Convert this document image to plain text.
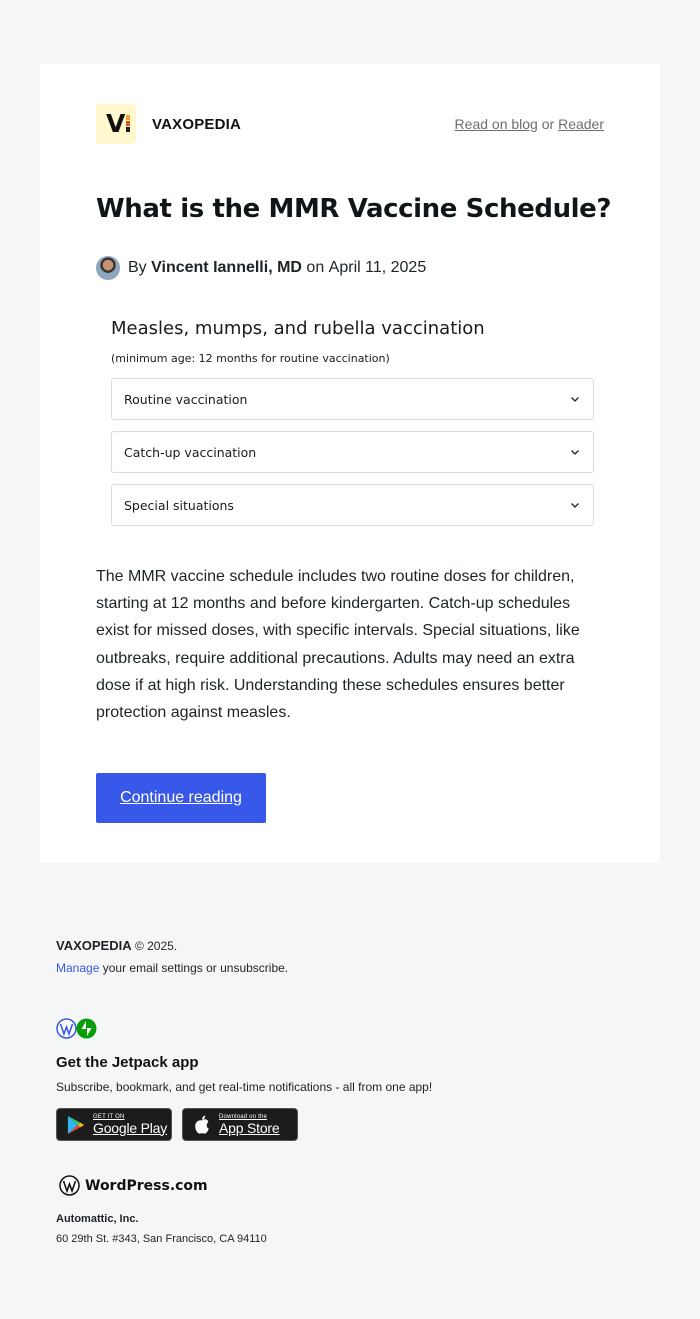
V VAXOPEDIA	Read on blog or Reader
What is the MMR Vaccine Schedule?
By
Vincent Iannelli, MD
on
April 11, 2025
Measles, mumps, and rubella vaccination
(minimum age: 12 months for routine vaccination)
Routine vaccination
Catch-up vaccination
Special situations

The MMR vaccine schedule includes two routine doses for children, starting at 12 months and before kindergarten. Catch-up schedules exist for missed doses, with specific intervals. Special situations, like outbreaks, require additional precautions. Adults may need an extra dose if at high risk. Understanding these schedules ensures better protection against measles.

Continue reading
VAXOPEDIA © 2025.
Manage your email settings or unsubscribe.
Get the Jetpack app
Subscribe, bookmark, and get real-time notifications - all from one app!
GET IT ON
Google Play
Download on the
App Store
WordPress.com
Automattic, Inc.
60 29th St. #343, San Francisco, CA 94110
